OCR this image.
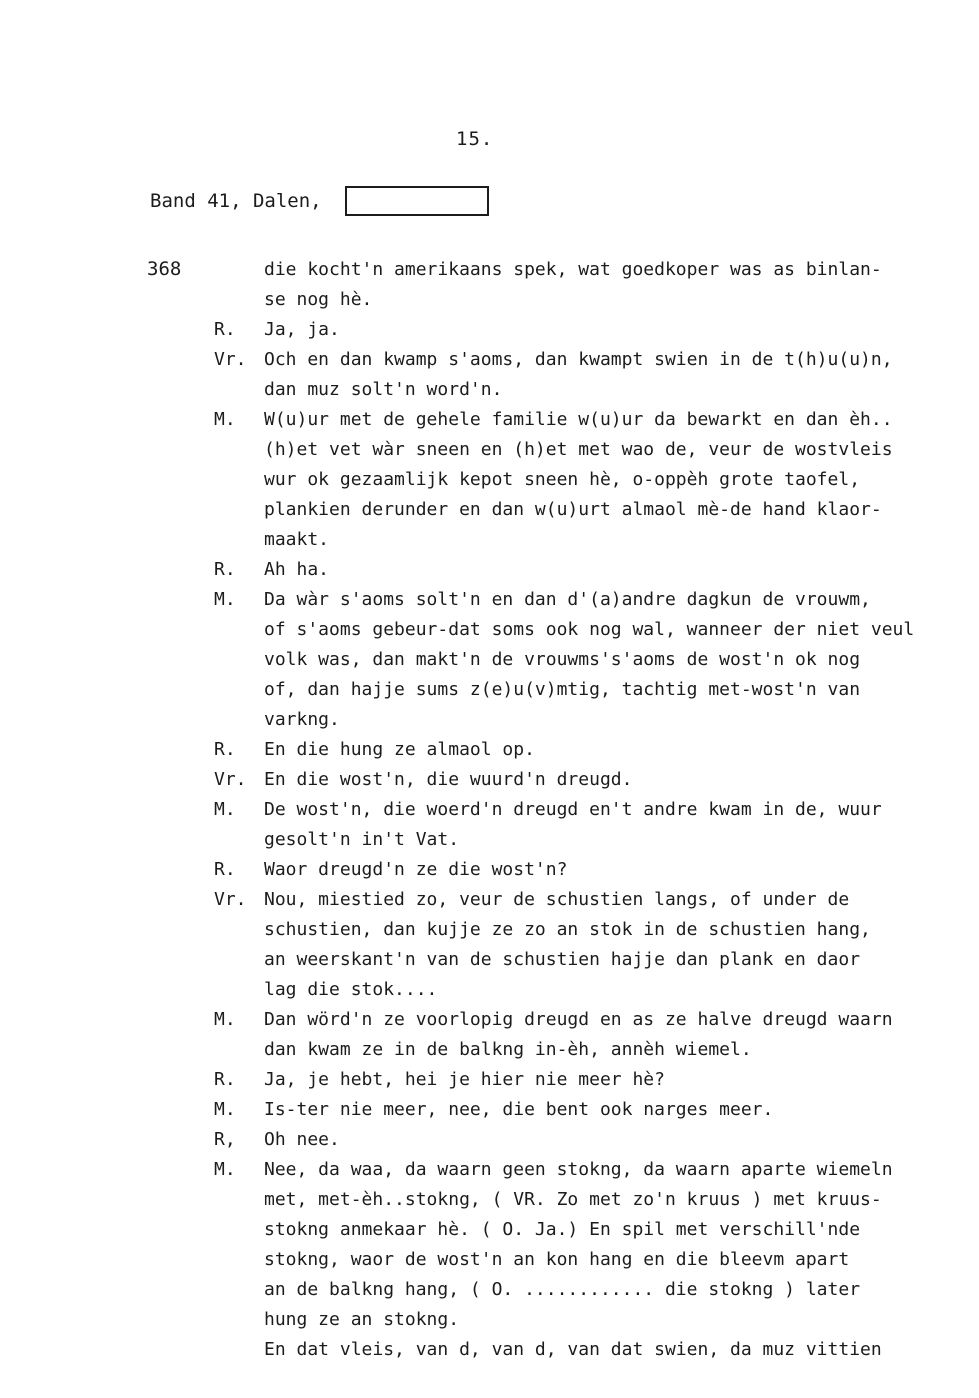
15.
Band 41, Dalen,
368	die kocht'n amerikaans spek, wat goedkoper was as binlan-
se nog hè.
R.	Ja, ja.
Vr. Och en dan kwamp s'aoms, dan kwampt swien in de t(h)u(u)n,
dan muz solt'n word'n.
M.	W(u)ur met de gehele familie w(u)ur da bewarkt en dan èh..
(h)et vet wàr sneen en (h)et met wao de, veur de wostvleis
wur ok gezaamlijk kepot sneen hè, o-oppèh grote taofel,
plankien derunder en dan w(u)urt almaol mè-de hand klaor-
maakt.
R.	Ah ha.
M.	Da wàr s'aoms solt'n en dan d'(a)andre dagkun de vrouwm,
of s'aoms gebeur-dat soms ook nog wal, wanneer der niet veul
volk was, dan makt'n de vrouwms's'aoms de wost'n ok nog
of, dan hajje sums z(e)u(v)mtig, tachtig met-wost'n van
varkng.
R.	En die hung ze almaol op.
Vr. En die wost'n, die wuurd'n dreugd.
M.	De wost'n, die woerd'n dreugd en't andre kwam in de, wuur
gesolt'n in't Vat.
R.	Waor dreugd'n ze die wost'n?
Vr. Nou, miestied zo, veur de schustien langs, of under de
schustien, dan kujje ze zo an stok in de schustien hang,
an weerskant'n van de schustien hajje dan plank en daor
lag die stok....
M.	Dan wörd'n ze voorlopig dreugd en as ze halve dreugd waarn
dan kwam ze in de balkng in-èh, annèh wiemel.
R.	Ja, je hebt, hei je hier nie meer hè?
M.	Is-ter nie meer, nee, die bent ook narges meer.
R,	Oh nee.
M.	Nee, da waa, da waarn geen stokng, da waarn aparte wiemeln
met, met-èh..stokng, ( VR. Zo met zo'n kruus ) met kruus-
stokng anmekaar hè. ( O. Ja.) En spil met verschill'nde
stokng, waor de wost'n an kon hang en die bleevm apart
an de balkng hang, ( O. ............ die stokng ) later
hung ze an stokng.
En dat vleis, van d, van d, van dat swien, da muz vittien
